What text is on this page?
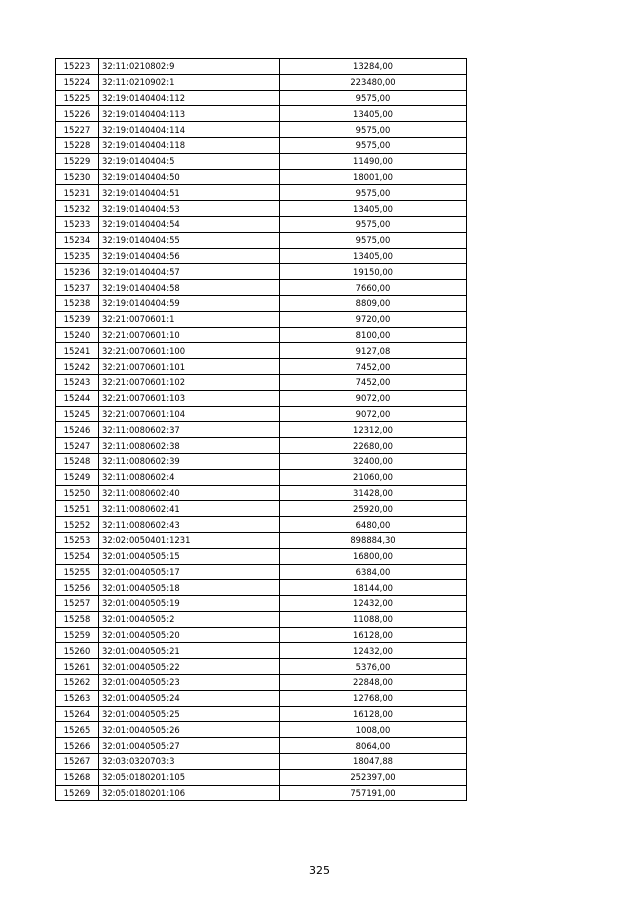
15223	32:11:0210802:9	13284,00
15224	32:11:0210902:1	223480,00
15225	32:19:0140404:112	9575,00
15226	32:19:0140404:113	13405,00
15227	32:19:0140404:114	9575,00
15228	32:19:0140404:118	9575,00
15229	32:19:0140404:5	11490,00
15230	32:19:0140404:50	18001,00
15231	32:19:0140404:51	9575,00
15232	32:19:0140404:53	13405,00
15233	32:19:0140404:54	9575,00
15234	32:19:0140404:55	9575,00
15235	32:19:0140404:56	13405,00
15236	32:19:0140404:57	19150,00
15237	32:19:0140404:58	7660,00
15238	32:19:0140404:59	8809,00
15239	32:21:0070601:1	9720,00
15240	32:21:0070601:10	8100,00
15241	32:21:0070601:100	9127,08
15242	32:21:0070601:101	7452,00
15243	32:21:0070601:102	7452,00
15244	32:21:0070601:103	9072,00
15245	32:21:0070601:104	9072,00
15246	32:11:0080602:37	12312,00
15247	32:11:0080602:38	22680,00
15248	32:11:0080602:39	32400,00
15249	32:11:0080602:4	21060,00
15250	32:11:0080602:40	31428,00
15251	32:11:0080602:41	25920,00
15252	32:11:0080602:43	6480,00
15253	32:02:0050401:1231	898884,30
15254	32:01:0040505:15	16800,00
15255	32:01:0040505:17	6384,00
15256	32:01:0040505:18	18144,00
15257	32:01:0040505:19	12432,00
15258	32:01:0040505:2	11088,00
15259	32:01:0040505:20	16128,00
15260	32:01:0040505:21	12432,00
15261	32:01:0040505:22	5376,00
15262	32:01:0040505:23	22848,00
15263	32:01:0040505:24	12768,00
15264	32:01:0040505:25	16128,00
15265	32:01:0040505:26	1008,00
15266	32:01:0040505:27	8064,00
15267	32:03:0320703:3	18047,88
15268	32:05:0180201:105	252397,00
15269	32:05:0180201:106	757191,00
325
